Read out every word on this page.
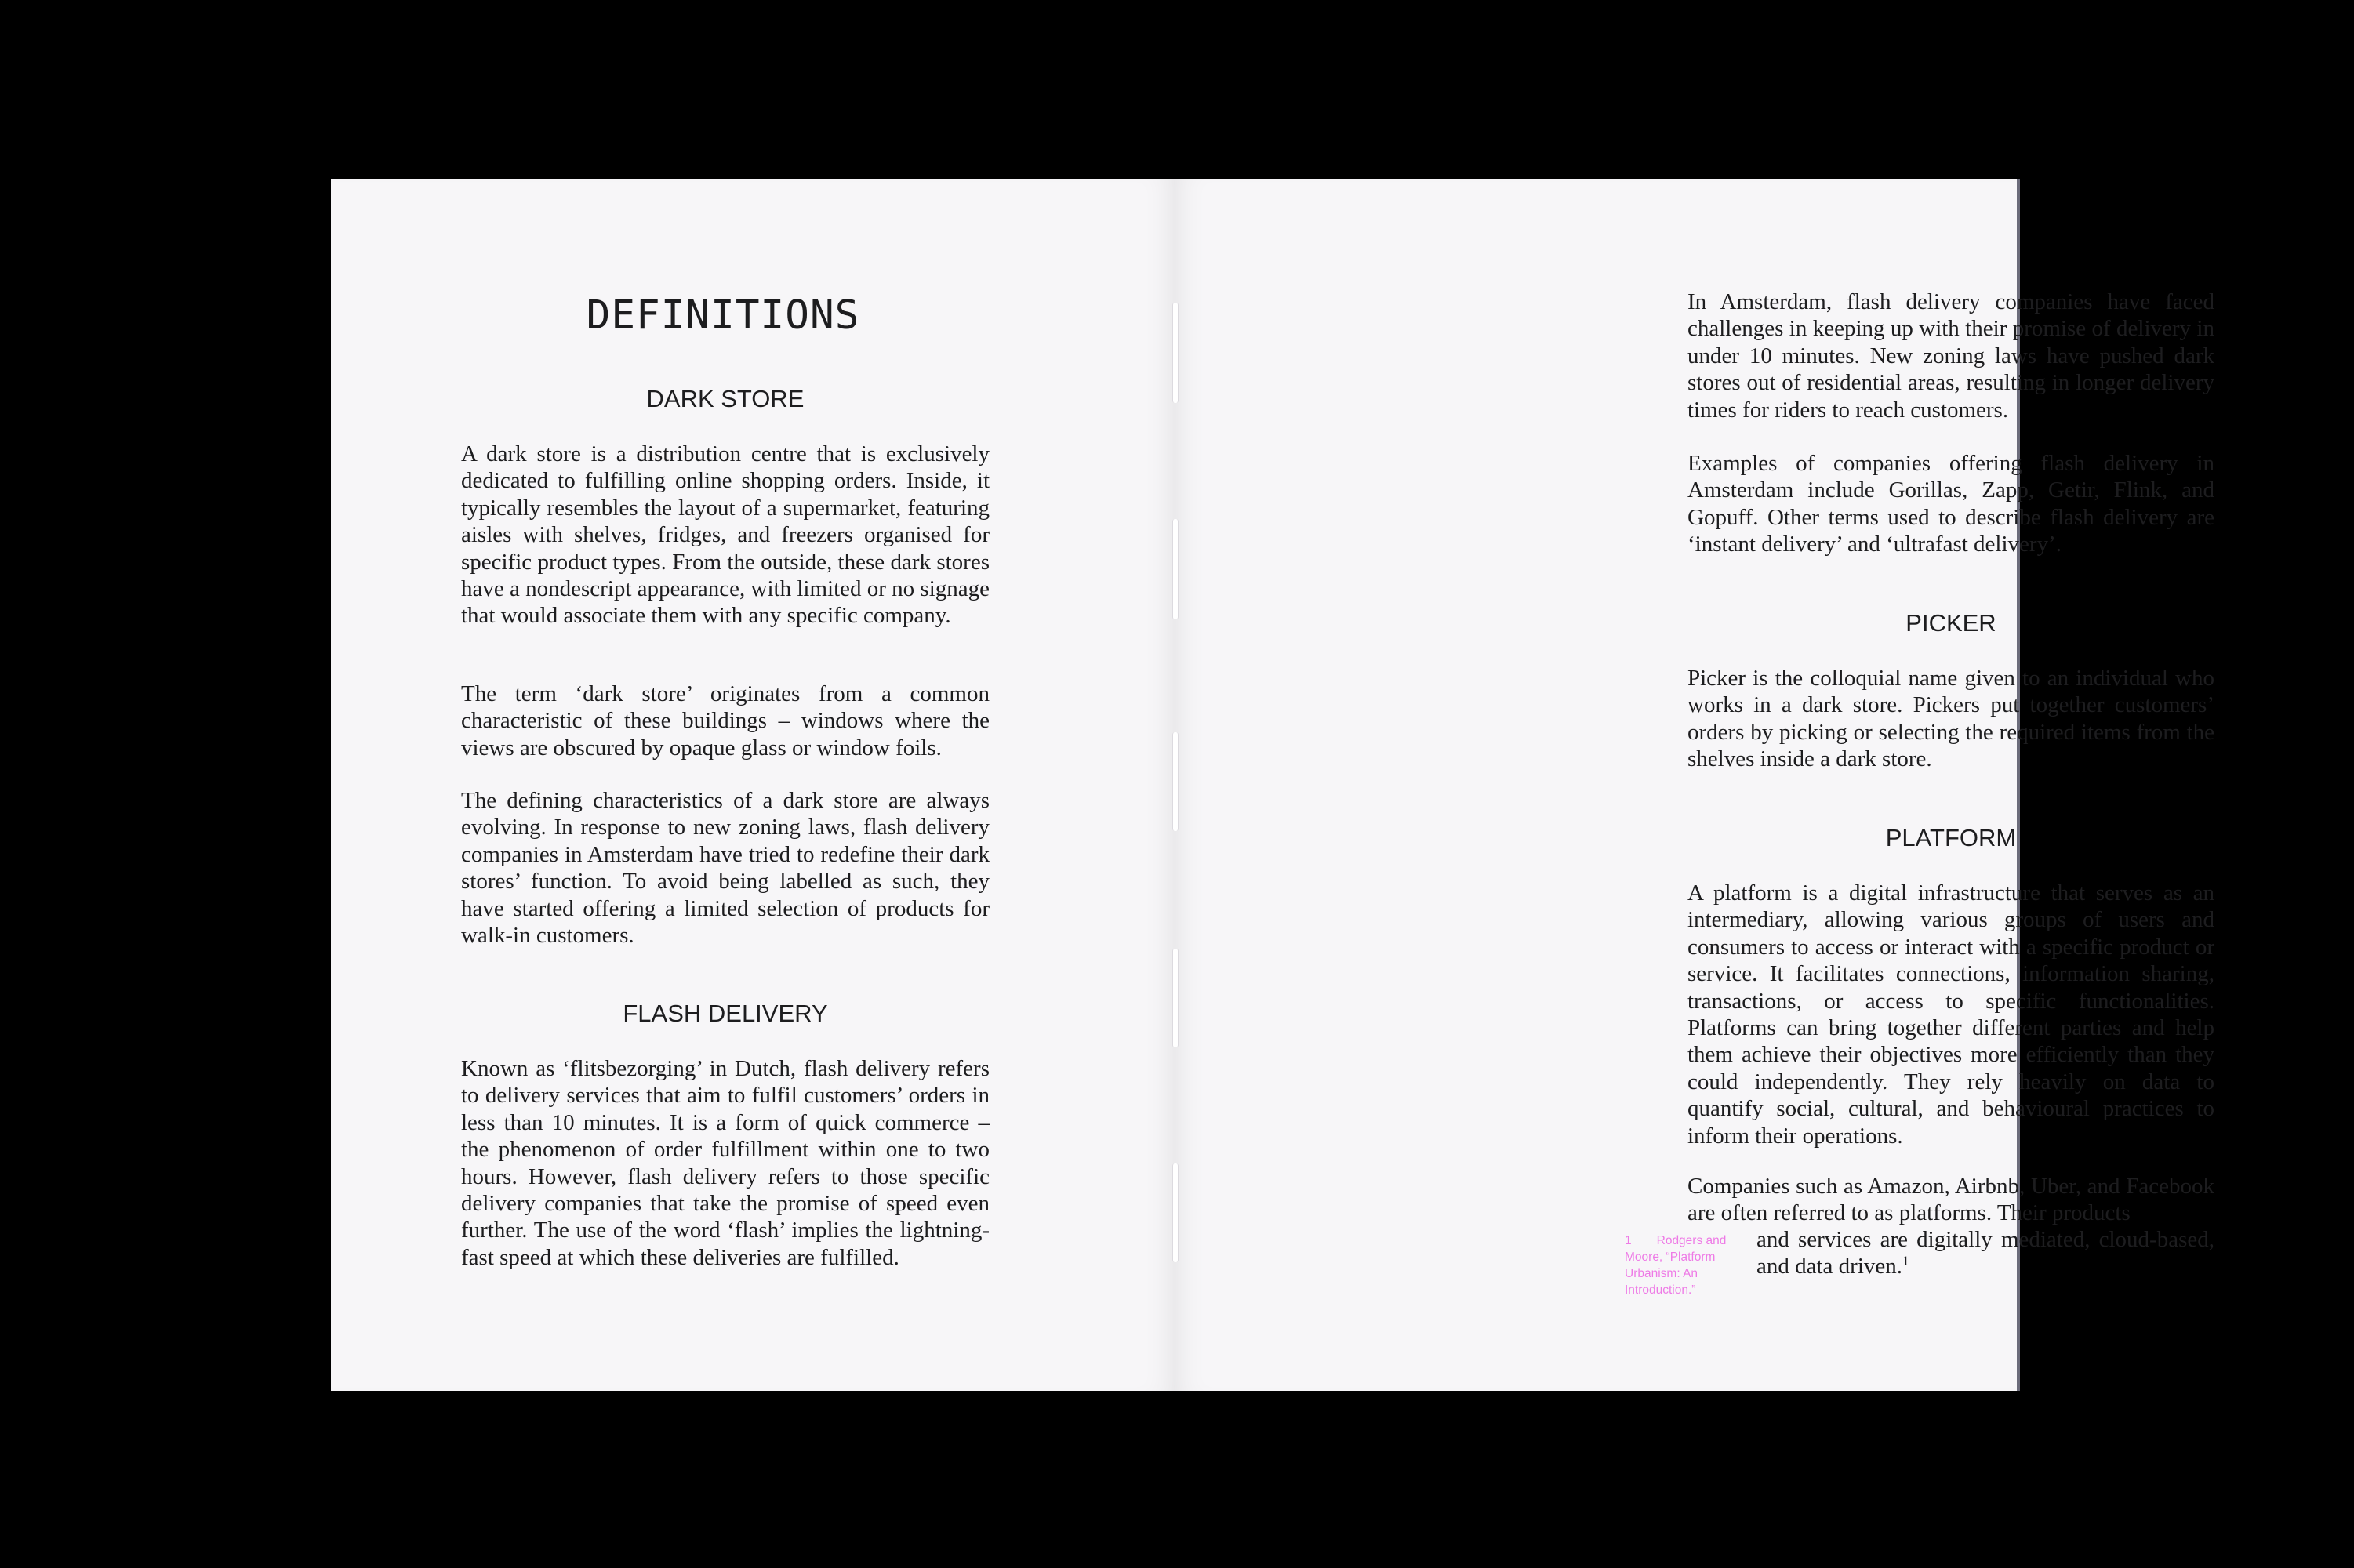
DEFINITIONS
DARK STORE

A dark store is a distribution centre that is exclusively dedicated to fulfilling online shopping orders. Inside, it typically resembles the layout of a supermarket, featuring aisles with shelves, fridges, and freezers organised for specific product types. From the outside, these dark stores have a nondescript appearance, with limited or no signage that would associate them with any specific company.

The term ‘dark store’ originates from a common characteristic of these buildings – windows where the views are obscured by opaque glass or window foils.

The defining characteristics of a dark store are always evolving. In response to new zoning laws, flash delivery companies in Amsterdam have tried to redefine their dark stores’ function. To avoid being labelled as such, they have started offering a limited selection of products for walk-in customers.

FLASH DELIVERY

Known as ‘flitsbezorging’ in Dutch, flash delivery refers to delivery services that aim to fulfil customers’ orders in less than 10 minutes. It is a form of quick commerce – the phenomenon of order fulfillment within one to two hours. However, flash delivery refers to those specific delivery companies that take the promise of speed even further. The use of the word ‘flash’ implies the lightning-fast speed at which these deliveries are fulfilled.

In Amsterdam, flash delivery companies have faced challenges in keeping up with their promise of delivery in under 10 minutes. New zoning laws have pushed dark stores out of residential areas, resulting in longer delivery times for riders to reach customers.

Examples of companies offering flash delivery in Amsterdam include Gorillas, Zapp, Getir, Flink, and Gopuff. Other terms used to describe flash delivery are ‘instant delivery’ and ‘ultrafast delivery’.

PICKER

Picker is the colloquial name given to an individual who works in a dark store. Pickers put together customers’ orders by picking or selecting the required items from the shelves inside a dark store.

PLATFORM

A platform is a digital infrastructure that serves as an intermediary, allowing various groups of users and consumers to access or interact with a specific product or service. It facilitates connections, information sharing, transactions, or access to specific functionalities. Platforms can bring together different parties and help them achieve their objectives more efficiently than they could independently. They rely heavily on data to quantify social, cultural, and behavioural practices to inform their operations.

Companies such as Amazon, Airbnb, Uber, and Facebook are often referred to as platforms. Their products

and services are digitally mediated, cloud-based, and data driven.$^1$

1 Rodgers and Moore, “Platform Urbanism: An Introduction.”
